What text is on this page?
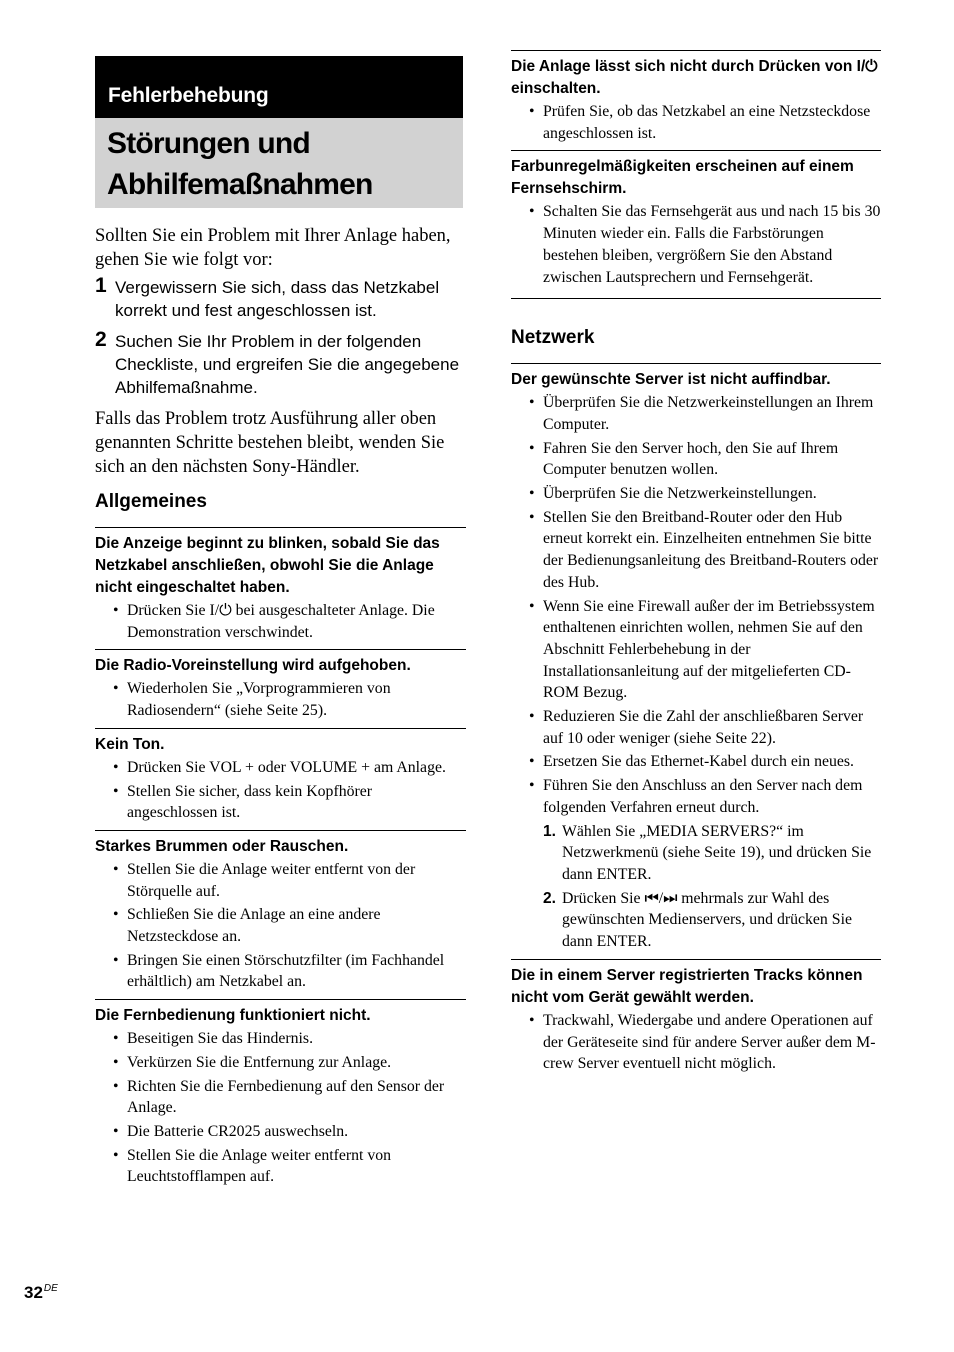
Fehlerbehebung
Störungen und
Abhilfemaßnahmen

Sollten Sie ein Problem mit Ihrer Anlage haben, gehen Sie wie folgt vor:

1 Vergewissern Sie sich, dass das Netzkabel korrekt und fest angeschlossen ist.
2 Suchen Sie Ihr Problem in der folgenden Checkliste, und ergreifen Sie die angegebene Abhilfemaßnahme.

Falls das Problem trotz Ausführung aller oben genannten Schritte bestehen bleibt, wenden Sie sich an den nächsten Sony-Händler.

Allgemeines

Die Anzeige beginnt zu blinken, sobald Sie das Netzkabel anschließen, obwohl Sie die Anlage nicht eingeschaltet haben.

• Drücken Sie I/⏻ bei ausgeschalteter Anlage. Die Demonstration verschwindet.

Die Radio-Voreinstellung wird aufgehoben.

• Wiederholen Sie „Vorprogrammieren von Radiosendern“ (siehe Seite 25).

Kein Ton.

• Drücken Sie VOL + oder VOLUME + am Anlage.
• Stellen Sie sicher, dass kein Kopfhörer angeschlossen ist.

Starkes Brummen oder Rauschen.

• Stellen Sie die Anlage weiter entfernt von der Störquelle auf.
• Schließen Sie die Anlage an eine andere Netzsteckdose an.
• Bringen Sie einen Störschutzfilter (im Fachhandel erhältlich) am Netzkabel an.

Die Fernbedienung funktioniert nicht.

• Beseitigen Sie das Hindernis.
• Verkürzen Sie die Entfernung zur Anlage.
• Richten Sie die Fernbedienung auf den Sensor der Anlage.
• Die Batterie CR2025 auswechseln.
• Stellen Sie die Anlage weiter entfernt von Leuchtstofflampen auf.

Die Anlage lässt sich nicht durch Drücken von I/⏻ einschalten.

• Prüfen Sie, ob das Netzkabel an eine Netzsteckdose angeschlossen ist.

Farbunregelmäßigkeiten erscheinen auf einem Fernsehschirm.

• Schalten Sie das Fernsehgerät aus und nach 15 bis 30 Minuten wieder ein. Falls die Farbstörungen bestehen bleiben, vergrößern Sie den Abstand zwischen Lautsprechern und Fernsehgerät.
Netzwerk

Der gewünschte Server ist nicht auffindbar.

• Überprüfen Sie die Netzwerkeinstellungen an Ihrem Computer.
• Fahren Sie den Server hoch, den Sie auf Ihrem Computer benutzen wollen.
• Überprüfen Sie die Netzwerkeinstellungen.
• Stellen Sie den Breitband-Router oder den Hub erneut korrekt ein. Einzelheiten entnehmen Sie bitte der Bedienungsanleitung des Breitband-Routers oder des Hub.
• Wenn Sie eine Firewall außer der im Betriebssystem enthaltenen einrichten wollen, nehmen Sie auf den Abschnitt Fehlerbehebung in der Installationsanleitung auf der mitgelieferten CD-ROM Bezug.
• Reduzieren Sie die Zahl der anschließbaren Server auf 10 oder weniger (siehe Seite 22).
• Ersetzen Sie das Ethernet-Kabel durch ein neues.
• Führen Sie den Anschluss an den Server nach dem folgenden Verfahren erneut durch.
1. Wählen Sie „MEDIA SERVERS?“ im Netzwerkmenü (siehe Seite 19), und drücken Sie dann ENTER.
2. Drücken Sie ⏮/⏭ mehrmals zur Wahl des gewünschten Medienservers, und drücken Sie dann ENTER.

Die in einem Server registrierten Tracks können nicht vom Gerät gewählt werden.

• Trackwahl, Wiedergabe und andere Operationen auf der Geräteseite sind für andere Server außer dem M-crew Server eventuell nicht möglich.
32DE
